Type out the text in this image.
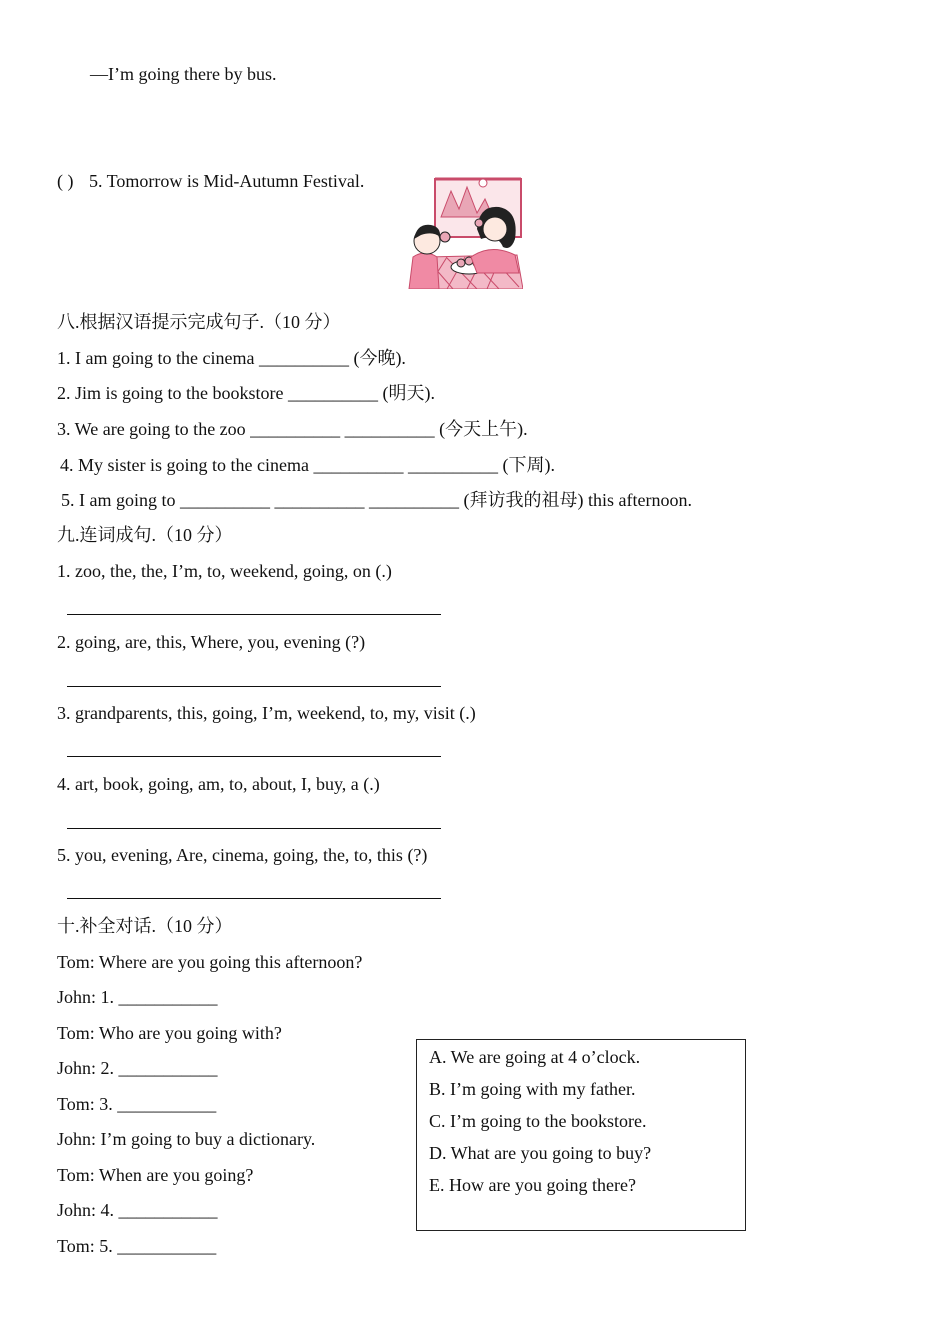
—I’m going there by bus.
( ) 5. Tomorrow is Mid-Autumn Festival.
八.根据汉语提示完成句子.（10 分）
1. I am going to the cinema __________ (今晚).
2. Jim is going to the bookstore __________ (明天).
3. We are going to the zoo __________ __________ (今天上午).
4. My sister is going to the cinema __________ __________ (下周).
5. I am going to __________ __________ __________ (拜访我的祖母) this afternoon.
九.连词成句.（10 分）
1. zoo, the, the, I’m, to, weekend, going, on (.)
2. going, are, this, Where, you, evening (?)
3. grandparents, this, going, I’m, weekend, to, my, visit (.)
4. art, book, going, am, to, about, I, buy, a (.)
5. you, evening, Are, cinema, going, the, to, this (?)
十.补全对话.（10 分）
Tom: Where are you going this afternoon?
John: 1. ___________
Tom: Who are you going with?
John: 2. ___________
Tom: 3. ___________
John: I’m going to buy a dictionary.
Tom: When are you going?
John: 4. ___________
Tom: 5. ___________
A. We are going at 4 o’clock.
B. I’m going with my father.
C. I’m going to the bookstore.
D. What are you going to buy?
E. How are you going there?
